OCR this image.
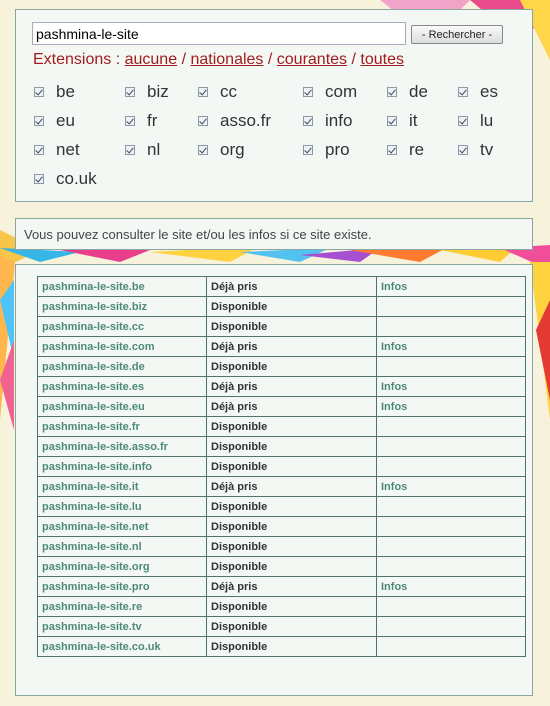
pashmina-le-site
- Rechercher -
Extensions : aucune / nationales / courantes / toutes
be	biz	cc	com	de	es
eu	fr	asso.fr	info	it	lu
net	nl	org	pro	re	tv
co.uk
Vous pouvez consulter le site et/ou les infos si ce site existe.
pashmina-le-site.be	Déjà pris	Infos
pashmina-le-site.biz	Disponible	
pashmina-le-site.cc	Disponible	
pashmina-le-site.com	Déjà pris	Infos
pashmina-le-site.de	Disponible	
pashmina-le-site.es	Déjà pris	Infos
pashmina-le-site.eu	Déjà pris	Infos
pashmina-le-site.fr	Disponible	
pashmina-le-site.asso.fr	Disponible	
pashmina-le-site.info	Disponible	
pashmina-le-site.it	Déjà pris	Infos
pashmina-le-site.lu	Disponible	
pashmina-le-site.net	Disponible	
pashmina-le-site.nl	Disponible	
pashmina-le-site.org	Disponible	
pashmina-le-site.pro	Déjà pris	Infos
pashmina-le-site.re	Disponible	
pashmina-le-site.tv	Disponible	
pashmina-le-site.co.uk	Disponible	
